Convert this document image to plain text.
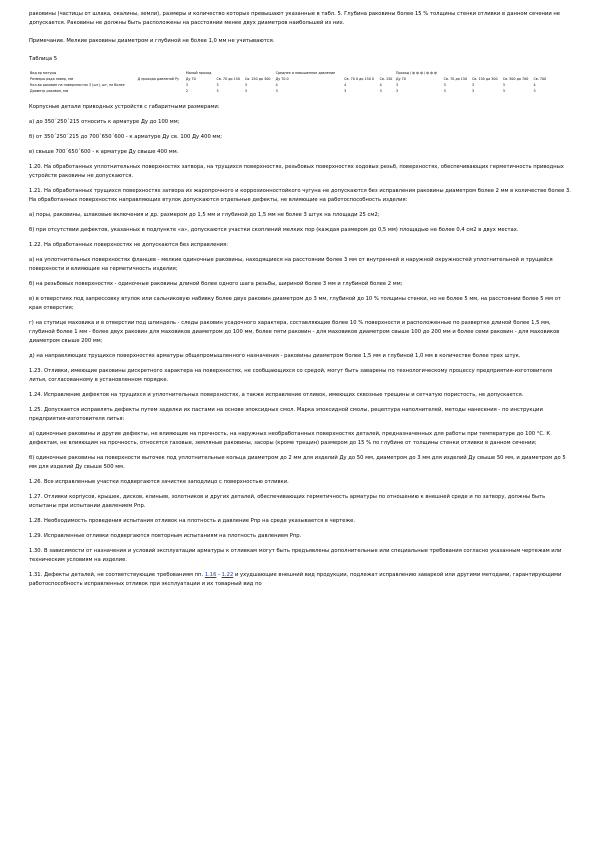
раковины (частицы от шлака, окалины, земли), размеры и количество которых превышают указанные в табл. 5. Глубина раковины более 15 % толщины стенки отливки в данном сечении не допускается. Раковины не должны быть расположены на расстоянии менее двух диаметров наибольшей из них.

Примечание. Мелкие раковины диаметром и глубиной не более 1,0 мм не учитываются.

Таблица 5

Вид ар матуры		Малый проход			Среднее и повышенное давление			Проход / ф ф ф / ф ф ф				
Размеры ряда повер, мм	Д прохода давлений Ру	Ду 70	Св. 70 до 150	Св. 150 до 300	Ду 70 0	Св. 70 0 до 150 0	Св. 150	Ду 70	Св. 70 до 150	Св. 150 до 300	Св. 300 до 700	Св. 700
Кол-во раковин на поверхностях 3 (шт), шт, не более		3	3	3	4	4	4	3	3	3	3	4
Диаметр раковин, мм		2	3	3	3	3	3	3	3	3	3	3

Корпусные детали приводных устройств с габаритными размерами:

а) до 350´250´215 относить к арматуре Ду до 100 мм;

б) от 350´250´215 до 700´650´600 - к арматуре Ду св. 100 Ду 400 мм;

в) свыше 700´650´600 - к арматуре Ду свыше 400 мм.

1.20. На обработанных уплотнительных поверхностях затвора, на трущихся поверхностях, резьбовых поверхностях ходовых резьб, поверхностях, обеспечивающих герметичность приводных устройств раковины не допускаются.

1.21. На обработанных трущихся поверхностях затвора из жаропрочного и коррозионностойкого чугуна не допускаются без исправления раковины диаметром более 2 мм в количестве более 3. На обработанных поверхностях направляющих втулок допускаются отдельные дефекты, не влияющие на работоспособность изделия:

а) поры, раковины, шлаковые включения и др. размером до 1,5 мм и глубиной до 1,5 мм не более 3 штук на площади 25 см2;

б) при отсутствии дефектов, указанных в подпункте «а», допускаются участки скоплений мелких пор (каждая размером до 0,5 мм) площадью не более 0,4 см2 в двух местах.

1.22. На обработанных поверхностях не допускаются без исправления:

а) на уплотнительных поверхностях фланцев - мелкие одиночные раковины, находящиеся на расстоянии более 3 мм от внутренней и наружной окружностей уплотнительной и трущейся поверхности и влияющие на герметичность изделия;

б) на резьбовых поверхностях - одиночные раковины длиной более одного шага резьбы, шириной более 3 мм и глубиной более 2 мм;

в) в отверстиях под запрессовку втулок или сальниковую набивку более двух раковин диаметром до 3 мм, глубиной до 10 % толщины стенки, но не более 5 мм, на расстоянии более 5 мм от края отверстия;

г) на ступице маховика и в отверстии под шпиндель - следы раковин усадочного характера, составляющие более 10 % поверхности и расположенные по развертке длиной более 1,5 мм, глубиной более 1 мм - более двух раковин для маховиков диаметром до 100 мм, более пяти раковин - для маховиков диаметром свыше 100 до 200 мм и более семи раковин - для маховиков диаметром свыше 200 мм;

д) на направляющих трущихся поверхностях арматуры общепромышленного назначения - раковины диаметром более 1,5 мм и глубиной 1,0 мм в количестве более трех штук.

1.23. Отливки, имеющие раковины дискретного характера на поверхностях, не сообщающихся со средой, могут быть заварены по технологическому процессу предприятия-изготовителя литья, согласованному в установленном порядке.

1.24. Исправление дефектов на трущихся и уплотнительных поверхностях, а также исправление отливок, имеющих сквозные трещины и сетчатую пористость, не допускается.

1.25. Допускается исправлять дефекты путем заделки их пастами на основе эпоксидных смол. Марка эпоксидной смолы, рецептура наполнителей, методы нанесения - по инструкции предприятия-изготовителя литья:

а) одиночные раковины и другие дефекты, не влияющие на прочность, на наружных необработанных поверхностях деталей, предназначенных для работы при температуре до 100 °С. К дефектам, не влияющим на прочность, относятся газовые, земляные раковины, засоры (кроме трещин) размером до 15 % по глубине от толщины стенки отливки в данном сечении;

б) одиночные раковины на поверхности выточек под уплотнительные кольца диаметром до 2 мм для изделий Ду до 50 мм, диаметром до 3 мм для изделий Ду свыше 50 мм, и диаметром до 5 мм для изделий Ду свыше 500 мм.

1.26. Все исправленные участки подвергаются зачистке заподлицо с поверхностью отливки.

1.27. Отливки корпусов, крышек, дисков, клиньев, золотников и других деталей, обеспечивающих герметичность арматуры по отношению к внешней среде и по затвору, должны быть испытаны при испытании давлением Рпр.

1.28. Необходимость проведения испытания отливок на плотность и давление Рпр на среде указывается в чертеже.

1.29. Исправленные отливки подвергаются повторным испытаниям на плотность давлением Рпр.

1.30. В зависимости от назначения и условий эксплуатации арматуры к отливкам могут быть предъявлены дополнительные или специальные требования согласно указанным чертежам или техническим условиям на изделие.

1.31. Дефекты деталей, не соответствующие требованиям пп. 1.16 - 1.22 и ухудшающие внешний вид продукции, подлежат исправлению заваркой или другими методами, гарантирующими работоспособность исправленных отливок при эксплуатации и их товарный вид по
